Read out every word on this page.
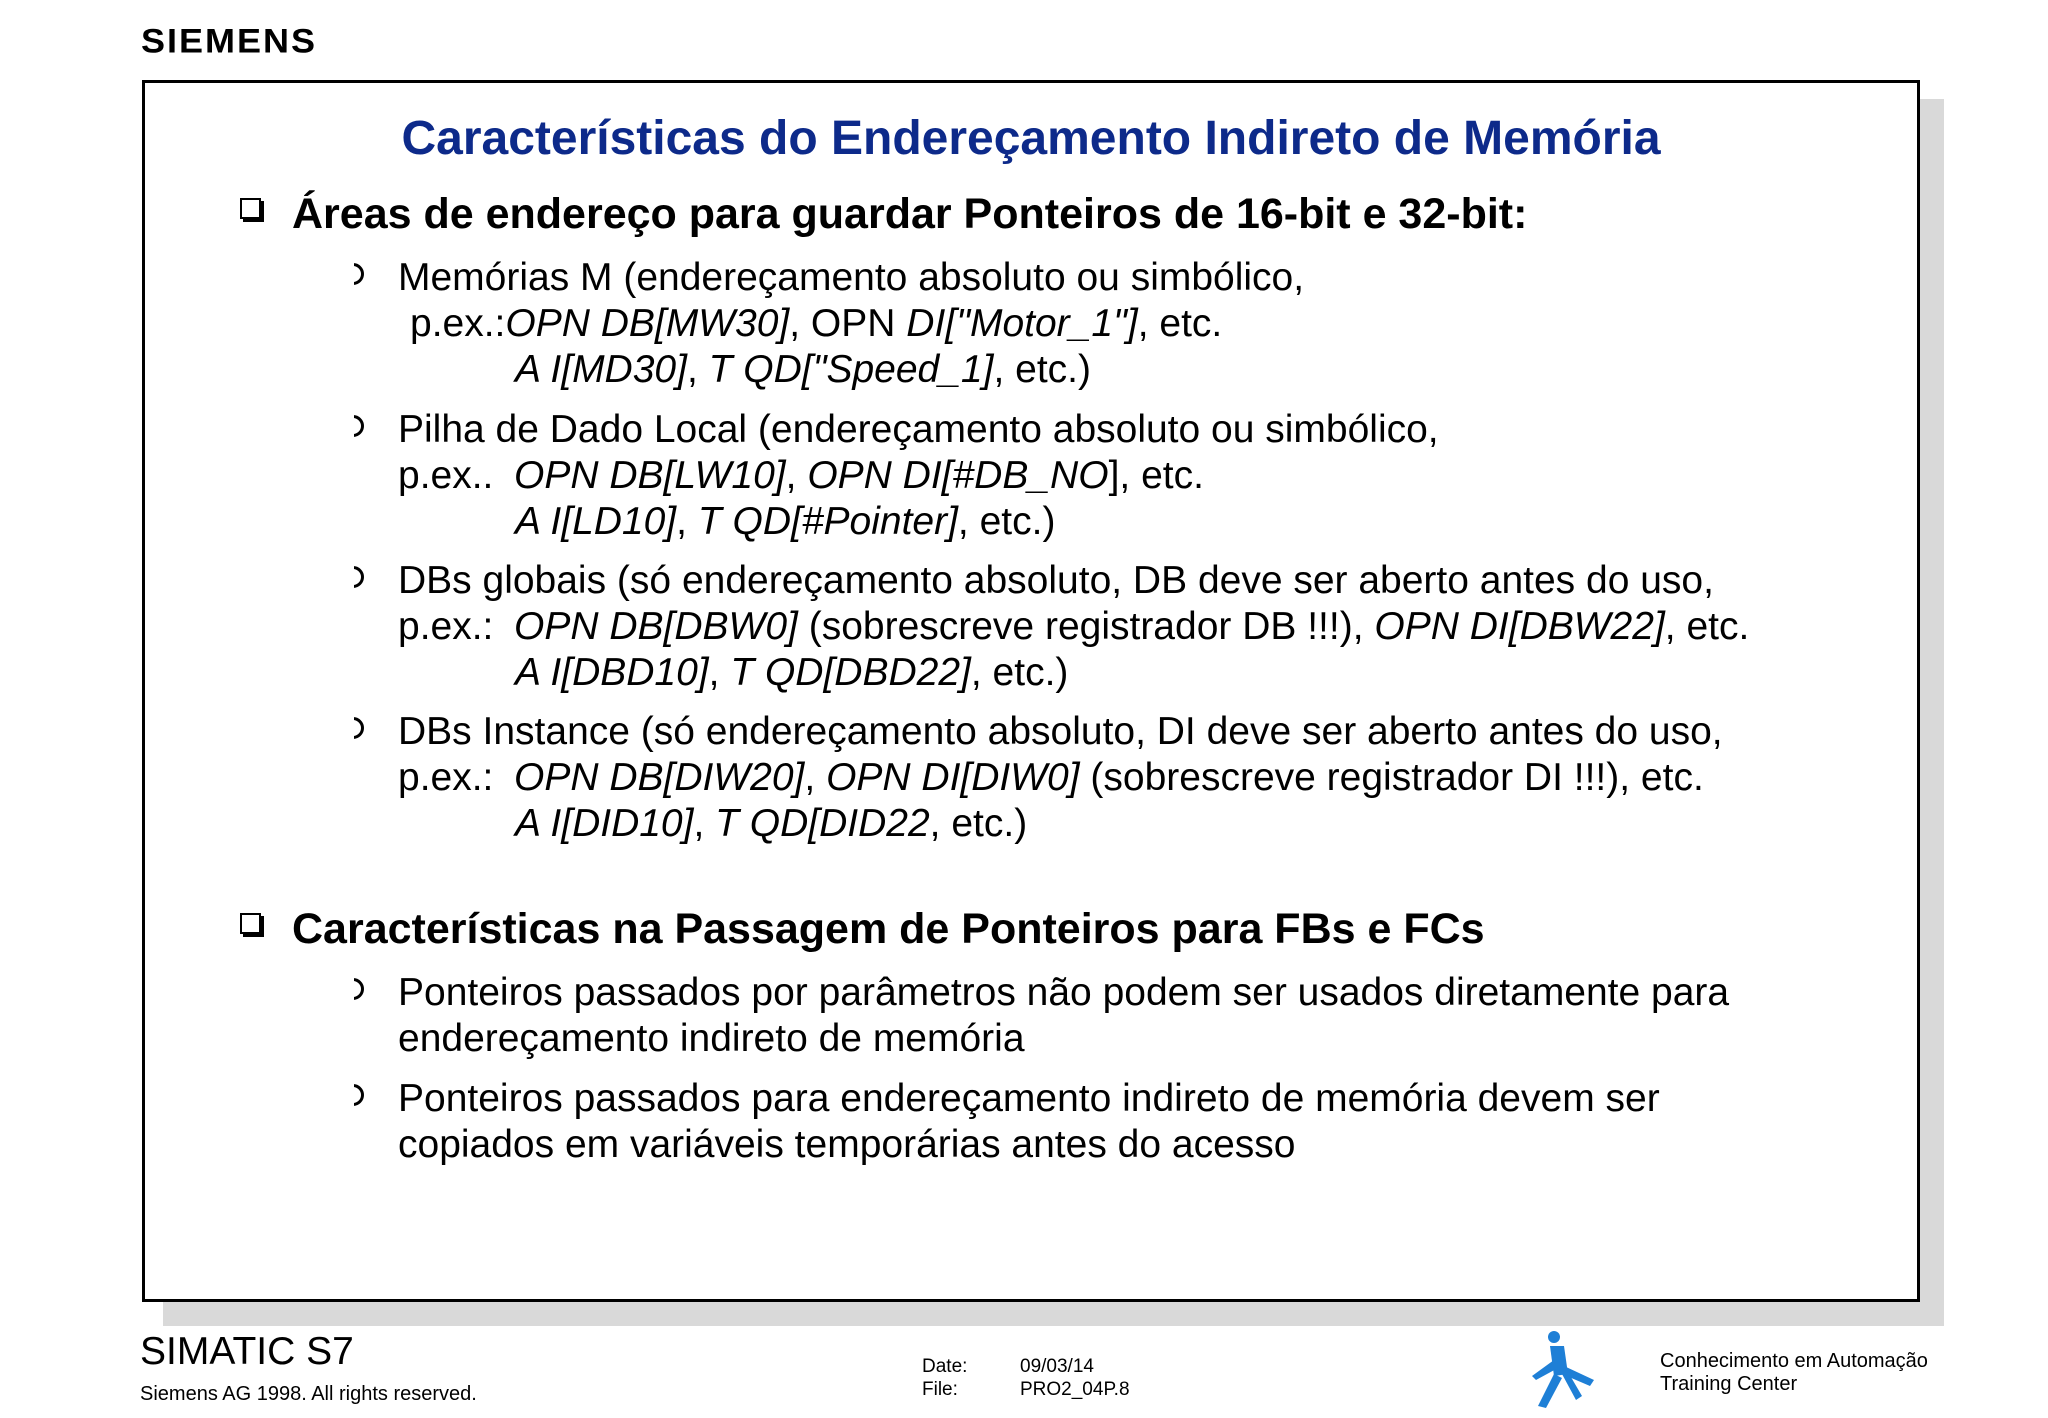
SIEMENS
Características do Endereçamento Indireto de Memória
Áreas de endereço para guardar Ponteiros de 16-bit e 32-bit:
Memórias M (endereçamento absoluto ou simbólico,
p.ex.:OPN DB[MW30], OPN DI["Motor_1"], etc.
A I[MD30], T QD["Speed_1], etc.)
Pilha de Dado Local (endereçamento absoluto ou simbólico,
p.ex.. OPN DB[LW10], OPN DI[#DB_NO], etc.
A I[LD10], T QD[#Pointer], etc.)
DBs globais (só endereçamento absoluto, DB deve ser aberto antes do uso,
p.ex.: OPN DB[DBW0] (sobrescreve registrador DB !!!), OPN DI[DBW22], etc.
A I[DBD10], T QD[DBD22], etc.)
DBs Instance (só endereçamento absoluto, DI deve ser aberto antes do uso,
p.ex.: OPN DB[DIW20], OPN DI[DIW0] (sobrescreve registrador DI !!!), etc.
A I[DID10], T QD[DID22, etc.)
Características na Passagem de Ponteiros para FBs e FCs
Ponteiros passados por parâmetros não podem ser usados diretamente para
endereçamento indireto de memória
Ponteiros passados para endereçamento indireto de memória devem ser
copiados em variáveis temporárias antes do acesso
SIMATIC S7
Siemens AG 1998. All rights reserved.
Date:	09/03/14
File:	PRO2_04P.8
Conhecimento em Automação
Training Center
